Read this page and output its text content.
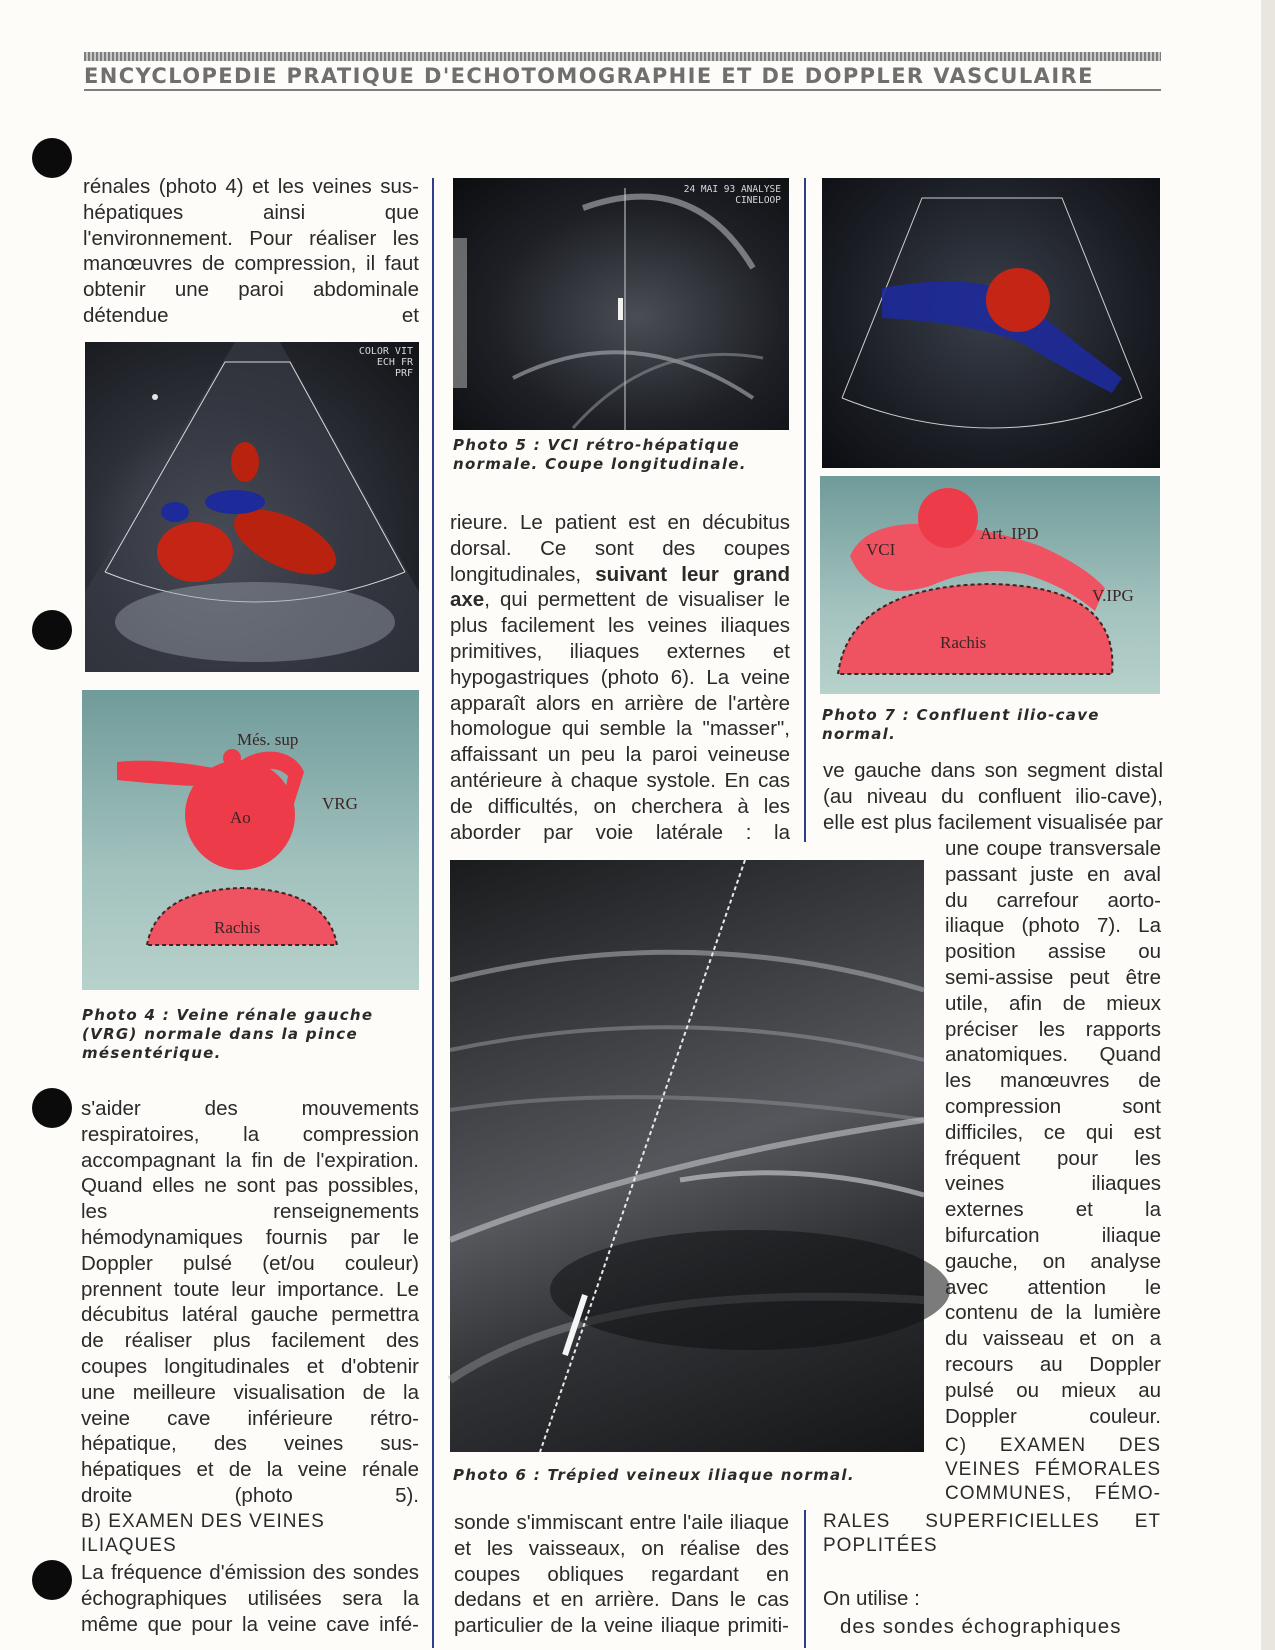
ENCYCLOPEDIE PRATIQUE D'ECHOTOMOGRAPHIE ET DE DOPPLER VASCULAIRE

rénales (photo 4) et les veines sus-hépatiques ainsi que l'environnement. Pour réaliser les manœuvres de compression, il faut obtenir une paroi abdominale détendue et

COLOR VIT ECH FR PRF
Més. sup
VRG
Ao
Rachis

Photo 4 : Veine rénale gauche (VRG) normale dans la pince mésentérique.

s'aider des mouvements respiratoires, la compression accompagnant la fin de l'expiration. Quand elles ne sont pas possibles, les renseignements hémodynamiques fournis par le Doppler pulsé (et/ou couleur) prennent toute leur importance. Le décubitus latéral gauche permettra de réaliser plus facilement des coupes longitudinales et d'obtenir une meilleure visualisation de la veine cave inférieure rétro-hépatique, des veines sus-hépatiques et de la veine rénale droite (photo 5).

B) EXAMEN DES VEINES ILIAQUES

La fréquence d'émission des sondes échographiques utilisées sera la même que pour la veine cave infé-

24 MAI 93 ANALYSE CINELOOP

Photo 5 : VCI rétro-hépatique normale. Coupe longitudinale.

rieure. Le patient est en décubitus dorsal. Ce sont des coupes longitudinales, suivant leur grand axe, qui permettent de visualiser le plus facilement les veines iliaques primitives, iliaques externes et hypogastriques (photo 6). La veine apparaît alors en arrière de l'artère homologue qui semble la "masser", affaissant un peu la paroi veineuse antérieure à chaque systole. En cas de difficultés, on cherchera à les aborder par voie latérale : la

Photo 6 : Trépied veineux iliaque normal.

sonde s'immiscant entre l'aile iliaque et les vaisseaux, on réalise des coupes obliques regardant en dedans et en arrière. Dans le cas particulier de la veine iliaque primiti-

VCI
Art. IPD
V.IPG
Rachis

Photo 7 : Confluent ilio-cave normal.

ve gauche dans son segment distal (au niveau du confluent ilio-cave), elle est plus facilement visualisée par

une coupe transversale passant juste en aval du carrefour aorto-iliaque (photo 7). La position assise ou semi-assise peut être utile, afin de mieux préciser les rapports anatomiques. Quand les manœuvres de compression sont difficiles, ce qui est fréquent pour les veines iliaques externes et la bifurcation iliaque gauche, on analyse avec attention le contenu de la lumière du vaisseau et on a recours au Doppler pulsé ou mieux au Doppler couleur.

C) EXAMEN DES VEINES FÉMORALES COMMUNES, FÉMO-

RALES SUPERFICIELLES ET POPLITÉES

On utilise :

des sondes échographiques
